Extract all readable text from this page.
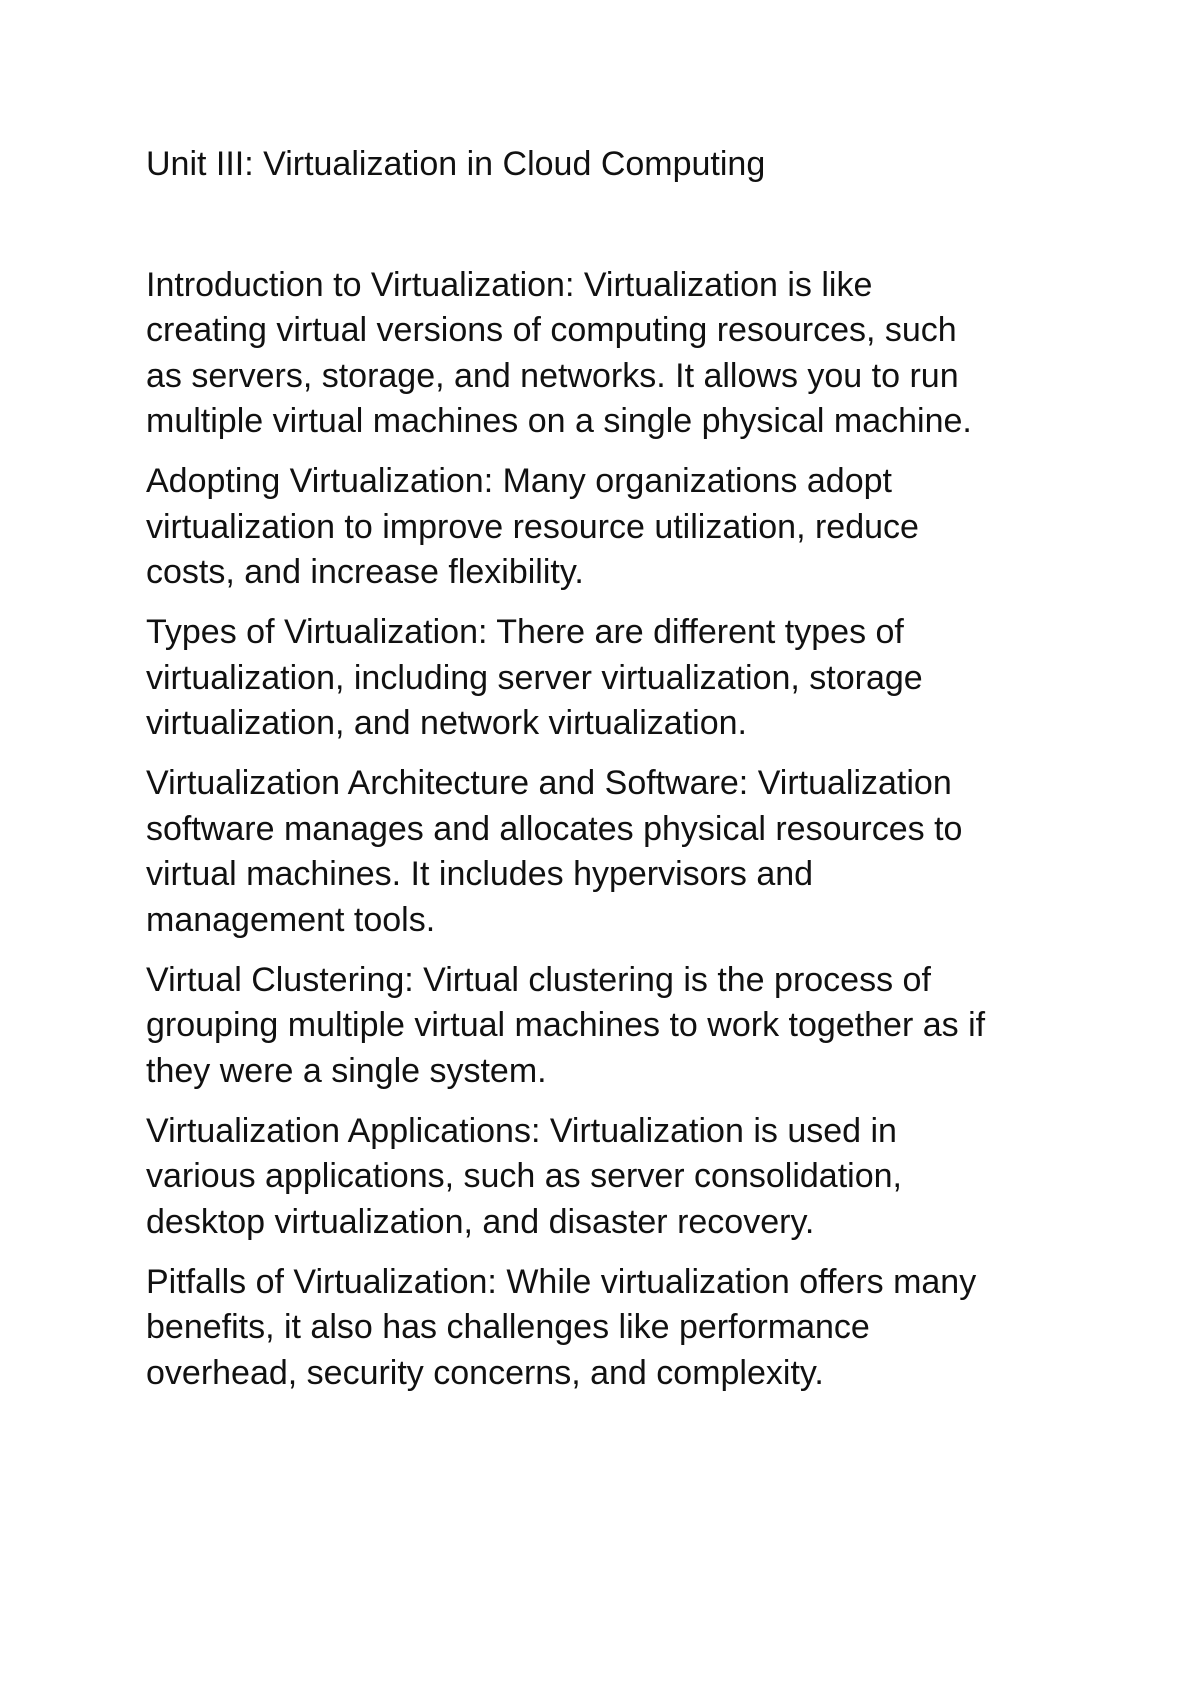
Unit III: Virtualization in Cloud Computing

Introduction to Virtualization: Virtualization is like
creating virtual versions of computing resources, such
as servers, storage, and networks. It allows you to run
multiple virtual machines on a single physical machine.

Adopting Virtualization: Many organizations adopt
virtualization to improve resource utilization, reduce
costs, and increase flexibility.

Types of Virtualization: There are different types of
virtualization, including server virtualization, storage
virtualization, and network virtualization.

Virtualization Architecture and Software: Virtualization
software manages and allocates physical resources to
virtual machines. It includes hypervisors and
management tools.

Virtual Clustering: Virtual clustering is the process of
grouping multiple virtual machines to work together as if
they were a single system.

Virtualization Applications: Virtualization is used in
various applications, such as server consolidation,
desktop virtualization, and disaster recovery.

Pitfalls of Virtualization: While virtualization offers many
benefits, it also has challenges like performance
overhead, security concerns, and complexity.
